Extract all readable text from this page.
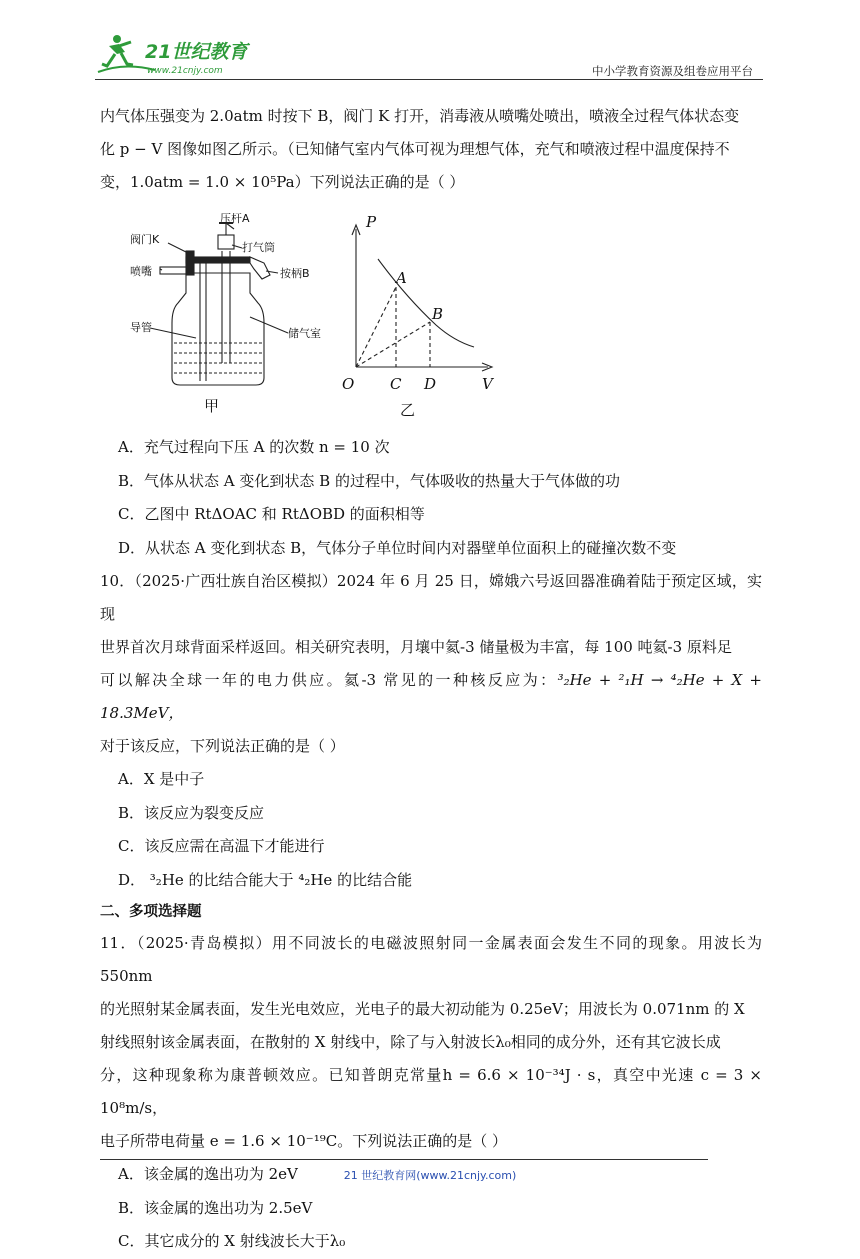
21世纪教育
www.21cnjy.com	中小学教育资源及组卷应用平台

内气体压强变为 2.0atm 时按下 B，阀门 K 打开，消毒液从喷嘴处喷出，喷液全过程气体状态变

化 p − V 图像如图乙所示。（已知储气室内气体可视为理想气体，充气和喷液过程中温度保持不

变，1.0atm = 1.0 × 10⁵Pa）下列说法正确的是（ ）

阀门K
压杆A
打气筒
喷嘴	按柄B
导管	储气室
甲
P
V
O
A
B
C D
乙

A．充气过程向下压 A 的次数 n = 10 次

B．气体从状态 A 变化到状态 B 的过程中，气体吸收的热量大于气体做的功

C．乙图中 RtΔOAC 和 RtΔOBD 的面积相等

D．从状态 A 变化到状态 B，气体分子单位时间内对器壁单位面积上的碰撞次数不变

10．（2025·广西壮族自治区模拟）2024 年 6 月 25 日，嫦娥六号返回器准确着陆于预定区域，实现

世界首次月球背面采样返回。相关研究表明，月壤中氦-3 储量极为丰富，每 100 吨氦-3 原料足

可以解决全球一年的电力供应。氦-3 常见的一种核反应为：³₂He + ²₁H → ⁴₂He + X + 18.3MeV，

对于该反应，下列说法正确的是（ ）

A．X 是中子

B．该反应为裂变反应

C．该反应需在高温下才能进行

D． ³₂He 的比结合能大于 ⁴₂He 的比结合能

二、多项选择题

11．（2025·青岛模拟）用不同波长的电磁波照射同一金属表面会发生不同的现象。用波长为 550nm

的光照射某金属表面，发生光电效应，光电子的最大初动能为 0.25eV；用波长为 0.071nm 的 X

射线照射该金属表面，在散射的 X 射线中，除了与入射波长λ₀相同的成分外，还有其它波长成

分，这种现象称为康普顿效应。已知普朗克常量h = 6.6 × 10⁻³⁴J · s，真空中光速 c = 3 × 10⁸m/s，

电子所带电荷量 e = 1.6 × 10⁻¹⁹C。下列说法正确的是（ ）

A．该金属的逸出功为 2eV

B．该金属的逸出功为 2.5eV

C．其它成分的 X 射线波长大于λ₀

21 世纪教育网(www.21cnjy.com)
